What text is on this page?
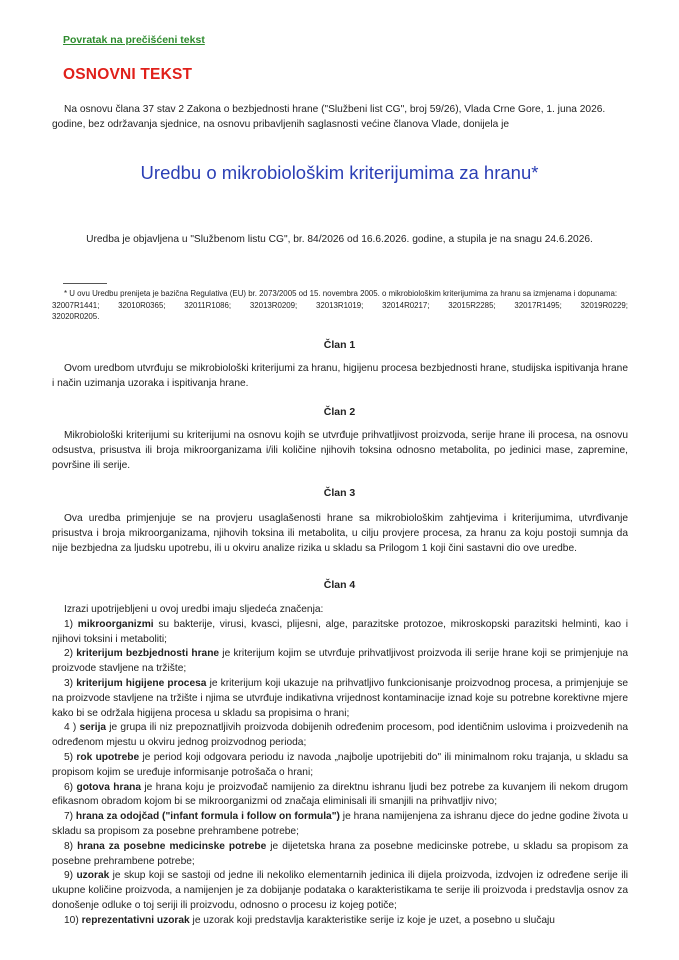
Povratak na prečišćeni tekst
OSNOVNI TEKST
Na osnovu člana 37 stav 2 Zakona o bezbjednosti hrane ("Službeni list CG", broj 59/26), Vlada Crne Gore, 1. juna 2026. godine, bez održavanja sjednice, na osnovu pribavljenih saglasnosti većine članova Vlade, donijela je
Uredbu o mikrobiološkim kriterijumima za hranu*
Uredba je objavljena u "Službenom listu CG", br. 84/2026 od 16.6.2026. godine, a stupila je na snagu 24.6.2026.
* U ovu Uredbu prenijeta je bazična Regulativa (EU) br. 2073/2005 od 15. novembra 2005. o mikrobiološkim kriterijumima za hranu sa izmjenama i dopunama:
32007R1441; 32010R0365; 32011R1086; 32013R0209; 32013R1019; 32014R0217; 32015R2285; 32017R1495; 32019R0229;
32020R0205.
Član 1
Ovom uredbom utvrđuju se mikrobiološki kriterijumi za hranu, higijenu procesa bezbjednosti hrane, studijska ispitivanja hrane i način uzimanja uzoraka i ispitivanja hrane.
Član 2
Mikrobiološki kriterijumi su kriterijumi na osnovu kojih se utvrđuje prihvatljivost proizvoda, serije hrane ili procesa, na osnovu odsustva, prisustva ili broja mikroorganizama i/ili količine njihovih toksina odnosno metabolita, po jedinici mase, zapremine, površine ili serije.
Član 3
Ova uredba primjenjuje se na provjeru usaglašenosti hrane sa mikrobiološkim zahtjevima i kriterijumima, utvrđivanje prisustva i broja mikroorganizama, njihovih toksina ili metabolita, u cilju provjere procesa, za hranu za koju postoji sumnja da nije bezbjedna za ljudsku upotrebu, ili u okviru analize rizika u skladu sa Prilogom 1 koji čini sastavni dio ove uredbe.
Član 4
Izrazi upotrijebljeni u ovoj uredbi imaju sljedeća značenja:
1) mikroorganizmi su bakterije, virusi, kvasci, plijesni, alge, parazitske protozoe, mikroskopski parazitski helminti, kao i njihovi toksini i metaboliti;
2) kriterijum bezbjednosti hrane je kriterijum kojim se utvrđuje prihvatljivost proizvoda ili serije hrane koji se primjenjuje na proizvode stavljene na tržište;
3) kriterijum higijene procesa je kriterijum koji ukazuje na prihvatljivo funkcionisanje proizvodnog procesa, a primjenjuje se na proizvode stavljene na tržište i njima se utvrđuje indikativna vrijednost kontaminacije iznad koje su potrebne korektivne mjere kako bi se održala higijena procesa u skladu sa propisima o hrani;
4 ) serija je grupa ili niz prepoznatljivih proizvoda dobijenih određenim procesom, pod identičnim uslovima i proizvedenih na određenom mjestu u okviru jednog proizvodnog perioda;
5) rok upotrebe je period koji odgovara periodu iz navoda „najbolje upotrijebiti do" ili minimalnom roku trajanja, u skladu sa propisom kojim se uređuje informisanje potrošača o hrani;
6) gotova hrana je hrana koju je proizvođač namijenio za direktnu ishranu ljudi bez potrebe za kuvanjem ili nekom drugom efikasnom obradom kojom bi se mikroorganizmi od značaja eliminisali ili smanjili na prihvatljiv nivo;
7) hrana za odojčad ("infant formula i follow on formula") je hrana namijenjena za ishranu djece do jedne godine života u skladu sa propisom za posebne prehrambene potrebe;
8) hrana za posebne medicinske potrebe je dijetetska hrana za posebne medicinske potrebe, u skladu sa propisom za posebne prehrambene potrebe;
9) uzorak je skup koji se sastoji od jedne ili nekoliko elementarnih jedinica ili dijela proizvoda, izdvojen iz određene serije ili ukupne količine proizvoda, a namijenjen je za dobijanje podataka o karakteristikama te serije ili proizvoda i predstavlja osnov za donošenje odluke o toj seriji ili proizvodu, odnosno o procesu iz kojeg potiče;
10) reprezentativni uzorak je uzorak koji predstavlja karakteristike serije iz koje je uzet, a posebno u slučaju
